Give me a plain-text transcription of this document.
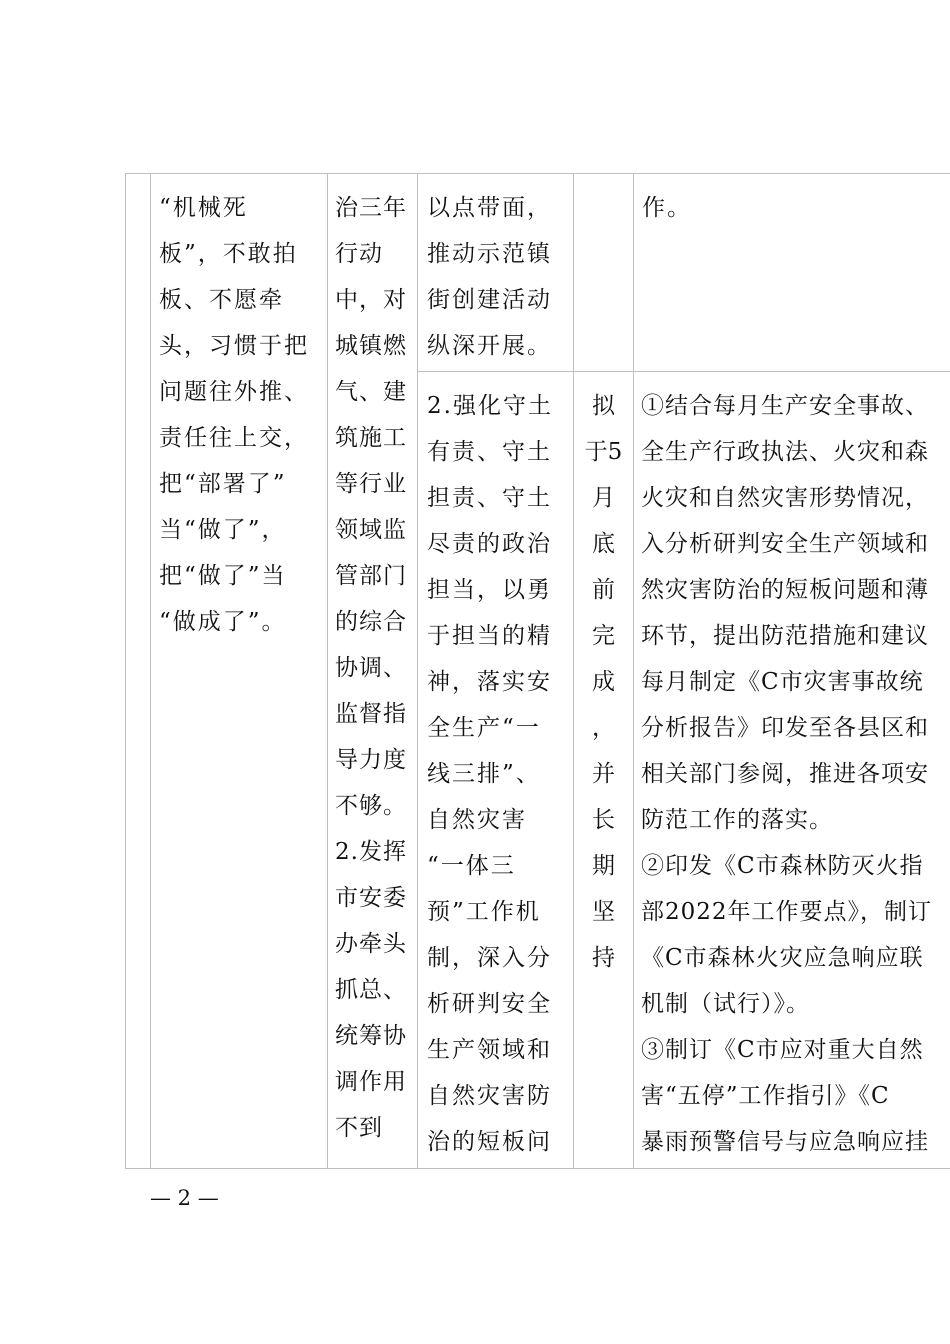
“机械死
板”，不敢拍
板、不愿牵
头，习惯于把
问题往外推、
责任往上交，
把“部署了”
当“做了”，
把“做了”当
“做成了”。
治三年
行动
中，对
城镇燃
气、建
筑施工
等行业
领域监
管部门
的综合
协调、
监督指
导力度
不够。
2.发挥
市安委
办牵头
抓总、
统筹协
调作用
不到
以点带面，
推动示范镇
街创建活动
纵深开展。
作。
2.强化守土
有责、守土
担责、守土
尽责的政治
担当，以勇
于担当的精
神，落实安
全生产“一
线三排”、
自然灾害
“一体三
预”工作机
制，深入分
析研判安全
生产领域和
自然灾害防
治的短板问
拟
于5
月
底
前
完
成
，
并
长
期
坚
持
①结合每月生产安全事故、
全生产行政执法、火灾和森
火灾和自然灾害形势情况，
入分析研判安全生产领域和
然灾害防治的短板问题和薄
环节，提出防范措施和建议
每月制定《C市灾害事故统
分析报告》印发至各县区和
相关部门参阅，推进各项安
防范工作的落实。
②印发《C市森林防灭火指
部2022年工作要点》，制订
《C市森林火灾应急响应联
机制（试行）》。
③制订《C市应对重大自然
害“五停”工作指引》《C
暴雨预警信号与应急响应挂
— 2 —
